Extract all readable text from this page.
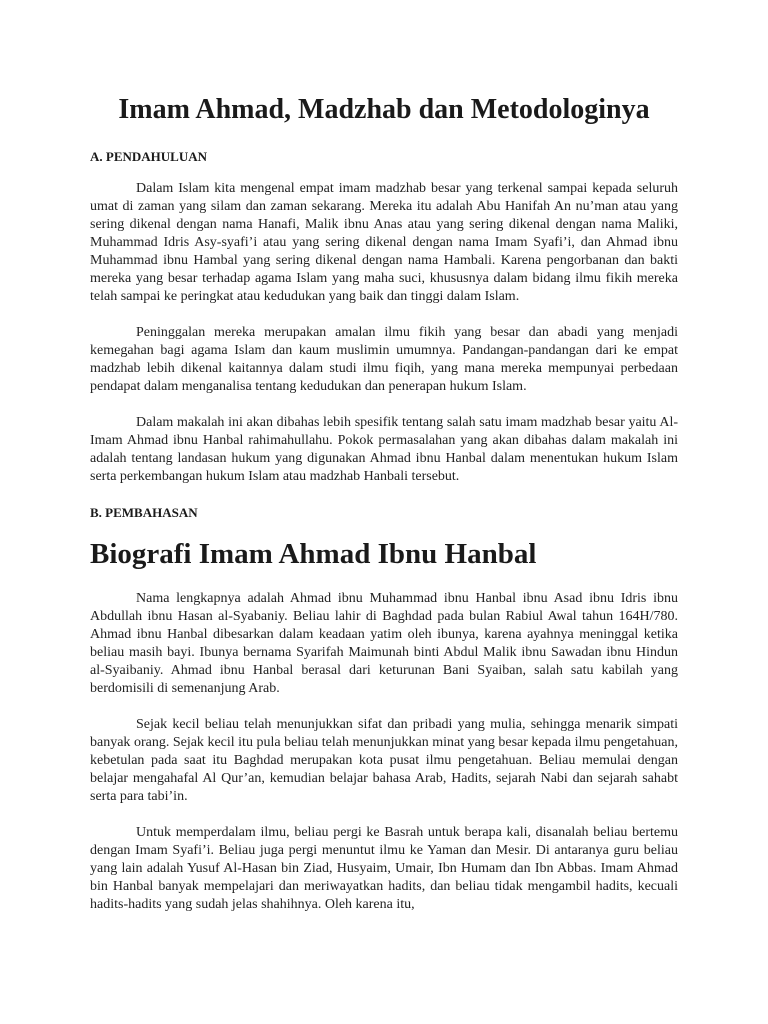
Imam Ahmad, Madzhab dan Metodologinya
A. PENDAHULUAN

Dalam Islam kita mengenal empat imam madzhab besar yang terkenal sampai kepada seluruh umat di zaman yang silam dan zaman sekarang. Mereka itu adalah Abu Hanifah An nu’man atau yang sering dikenal dengan nama Hanafi, Malik ibnu Anas atau yang sering dikenal dengan nama Maliki, Muhammad Idris Asy-syafi’i atau yang sering dikenal dengan nama Imam Syafi’i, dan Ahmad ibnu Muhammad ibnu Hambal yang sering dikenal dengan nama Hambali. Karena pengorbanan dan bakti mereka yang besar terhadap agama Islam yang maha suci, khususnya dalam bidang ilmu fikih mereka telah sampai ke peringkat atau kedudukan yang baik dan tinggi dalam Islam.

Peninggalan mereka merupakan amalan ilmu fikih yang besar dan abadi yang menjadi kemegahan bagi agama Islam dan kaum muslimin umumnya. Pandangan-pandangan dari ke empat madzhab lebih dikenal kaitannya dalam studi ilmu fiqih, yang mana mereka mempunyai perbedaan pendapat dalam menganalisa tentang kedudukan dan penerapan hukum Islam.

Dalam makalah ini akan dibahas lebih spesifik tentang salah satu imam madzhab besar yaitu Al-Imam Ahmad ibnu Hanbal rahimahullahu. Pokok permasalahan yang akan dibahas dalam makalah ini adalah tentang landasan hukum yang digunakan Ahmad ibnu Hanbal dalam menentukan hukum Islam serta perkembangan hukum Islam atau madzhab Hanbali tersebut.

B. PEMBAHASAN
Biografi Imam Ahmad Ibnu Hanbal

Nama lengkapnya adalah Ahmad ibnu Muhammad ibnu Hanbal ibnu Asad ibnu Idris ibnu Abdullah ibnu Hasan al-Syabaniy. Beliau lahir di Baghdad pada bulan Rabiul Awal tahun 164H/780. Ahmad ibnu Hanbal dibesarkan dalam keadaan yatim oleh ibunya, karena ayahnya meninggal ketika beliau masih bayi. Ibunya bernama Syarifah Maimunah binti Abdul Malik ibnu Sawadan ibnu Hindun al-Syaibaniy. Ahmad ibnu Hanbal berasal dari keturunan Bani Syaiban, salah satu kabilah yang berdomisili di semenanjung Arab.

Sejak kecil beliau telah menunjukkan sifat dan pribadi yang mulia, sehingga menarik simpati banyak orang. Sejak kecil itu pula beliau telah menunjukkan minat yang besar kepada ilmu pengetahuan, kebetulan pada saat itu Baghdad merupakan kota pusat ilmu pengetahuan. Beliau memulai dengan belajar mengahafal Al Qur’an, kemudian belajar bahasa Arab, Hadits, sejarah Nabi dan sejarah sahabt serta para tabi’in.

Untuk memperdalam ilmu, beliau pergi ke Basrah untuk berapa kali, disanalah beliau bertemu dengan Imam Syafi’i. Beliau juga pergi menuntut ilmu ke Yaman dan Mesir. Di antaranya guru beliau yang lain adalah Yusuf Al-Hasan bin Ziad, Husyaim, Umair, Ibn Humam dan Ibn Abbas. Imam Ahmad bin Hanbal banyak mempelajari dan meriwayatkan hadits, dan beliau tidak mengambil hadits, kecuali hadits-hadits yang sudah jelas shahihnya. Oleh karena itu,
